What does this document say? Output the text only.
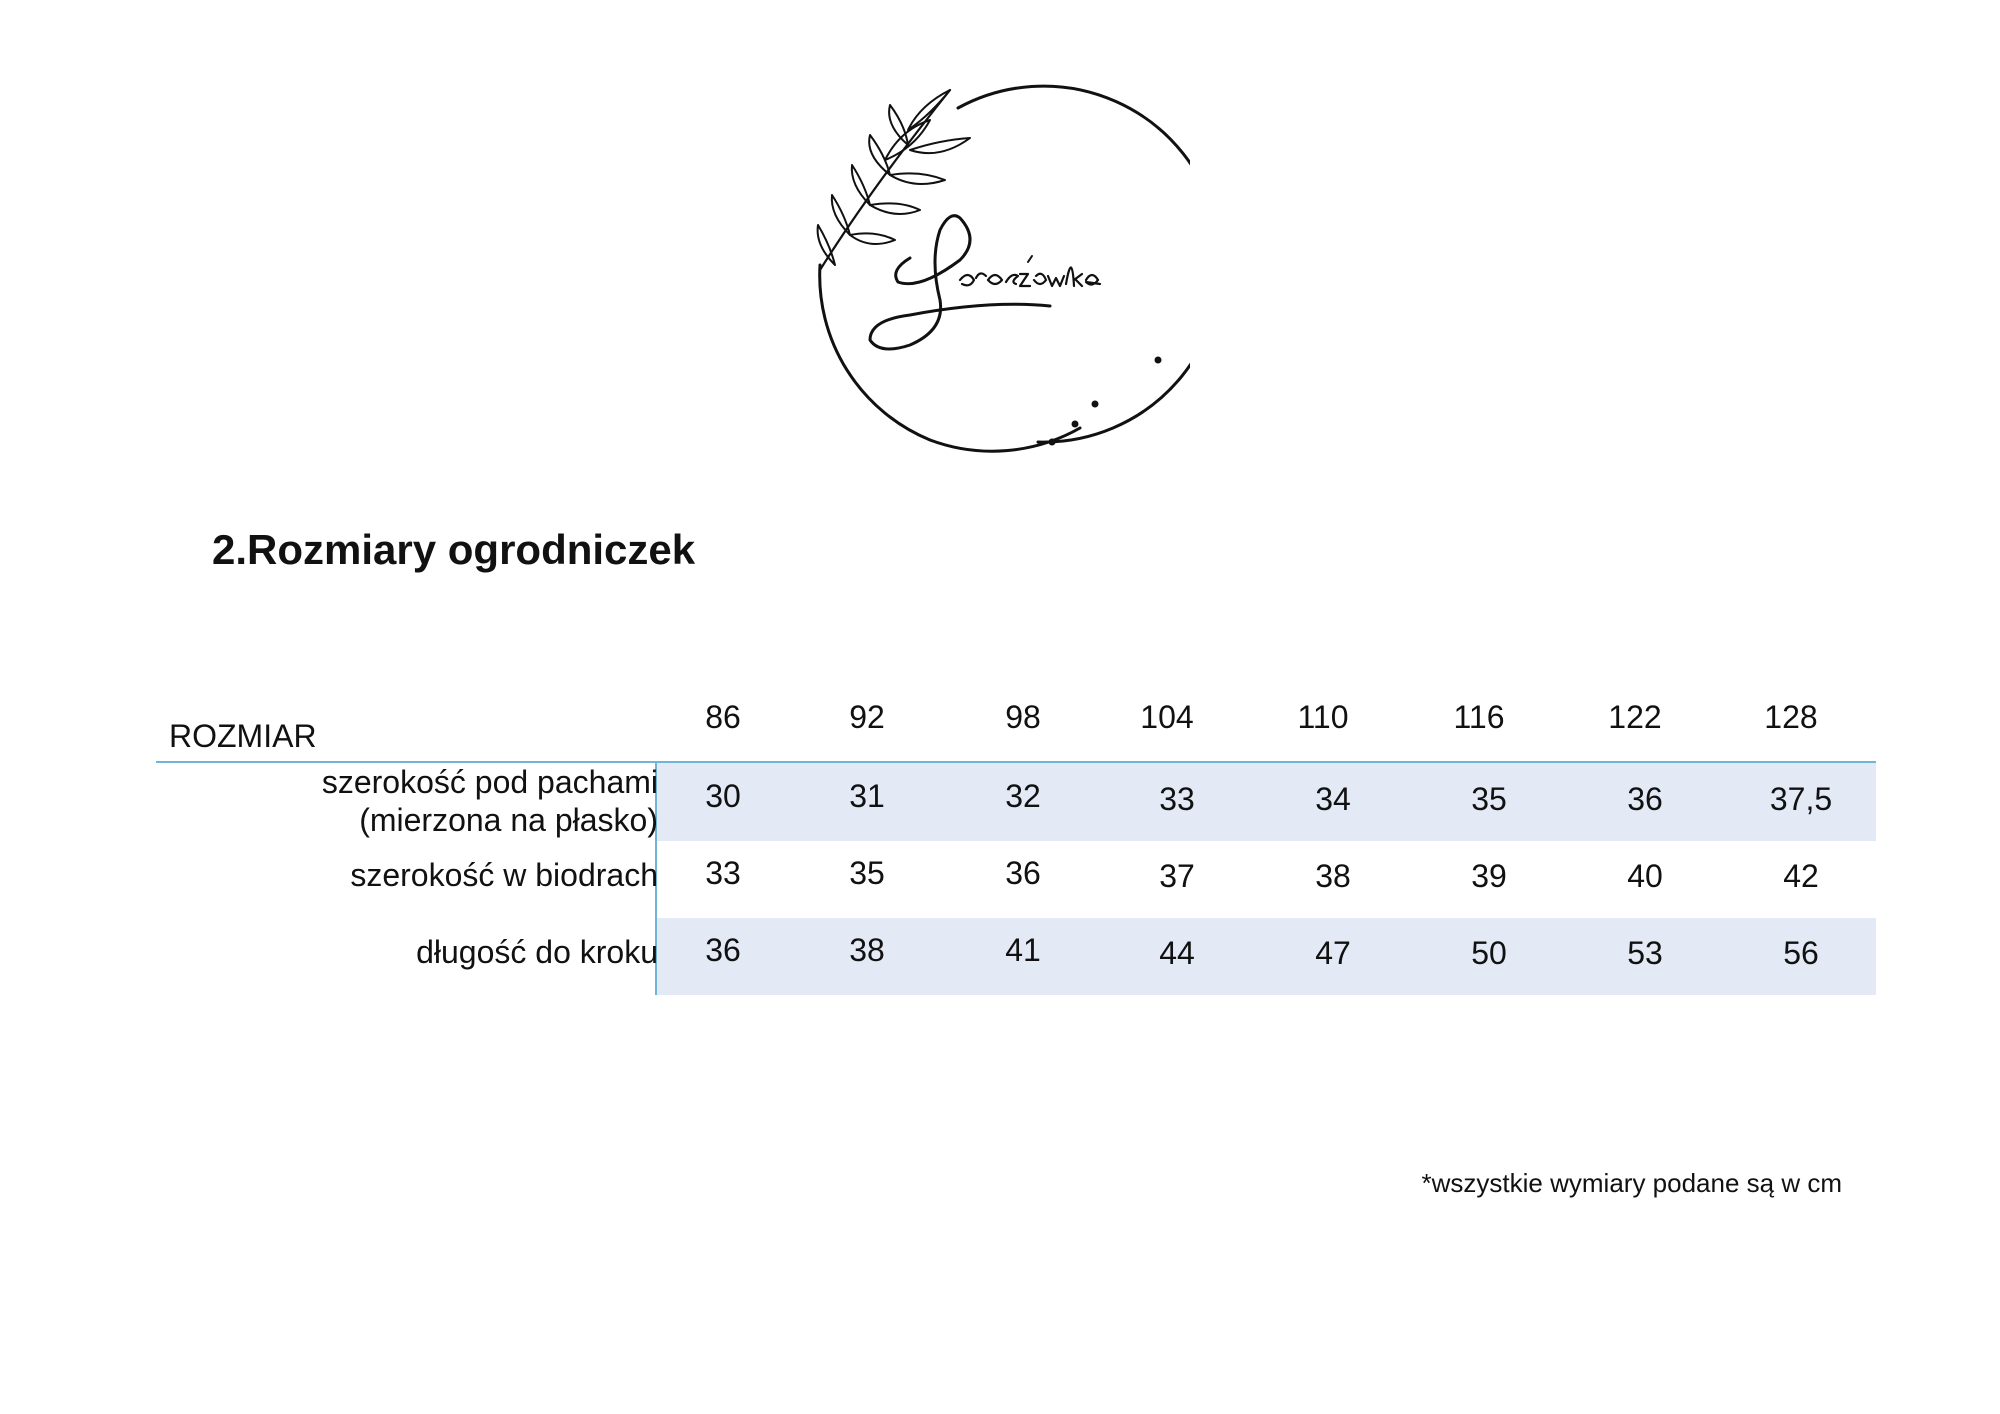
2.Rozmiary ogrodniczek
ROZMIAR
86	92	98	104	110	116	122	128
szerokość pod pachami
(mierzona na płasko)
30	31	32	33	34	35	36	37,5
szerokość w biodrach	33	35	36	37	38	39	40	42
długość do kroku	36	38	41	44	47	50	53	56
*wszystkie wymiary podane są w cm
